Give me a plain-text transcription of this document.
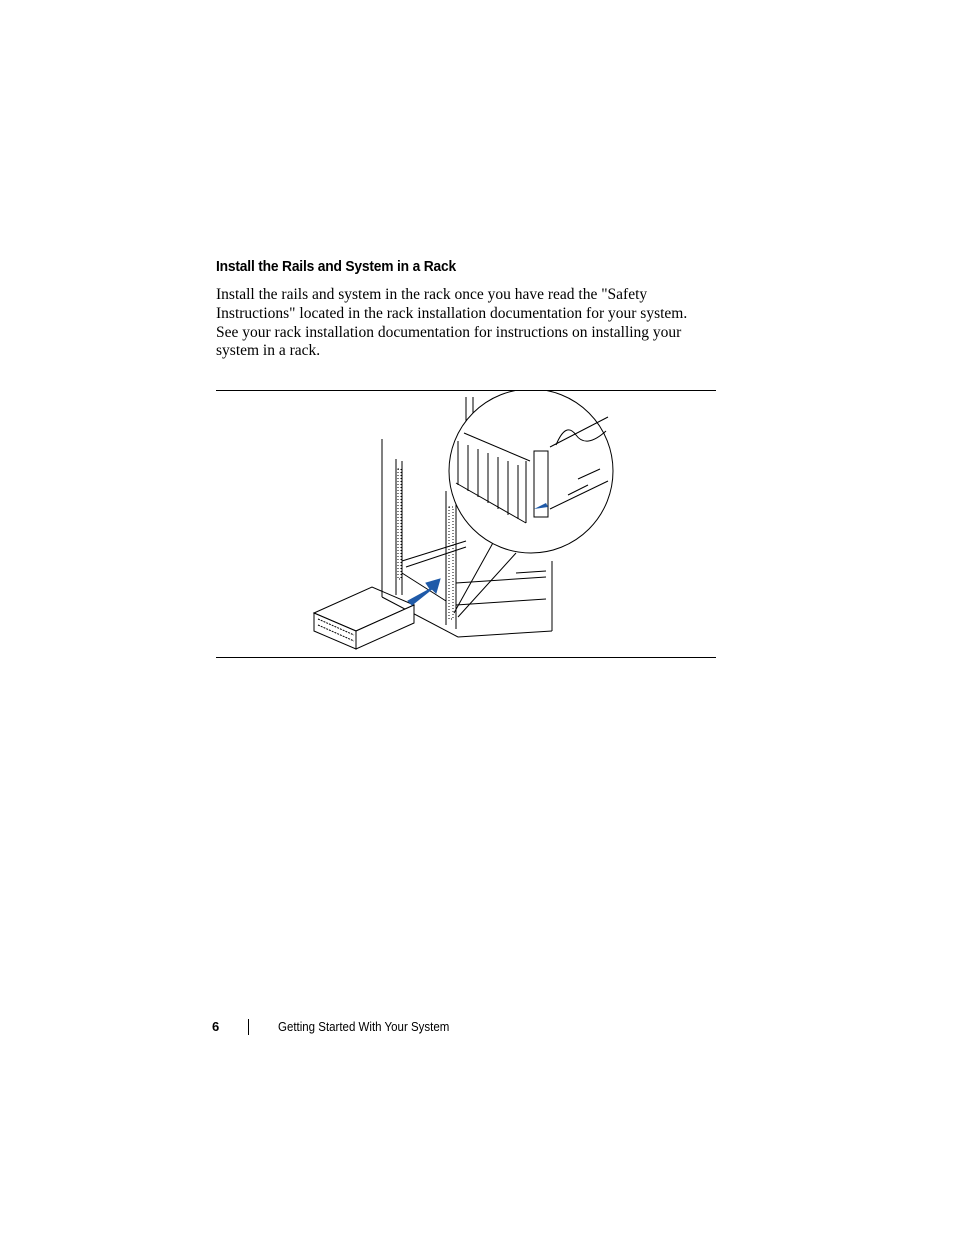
Install the Rails and System in a Rack
Install the rails and system in the rack once you have read the "Safety
Instructions" located in the rack installation documentation for your system.
See your rack installation documentation for instructions on installing your
system in a rack.
6	Getting Started With Your System
